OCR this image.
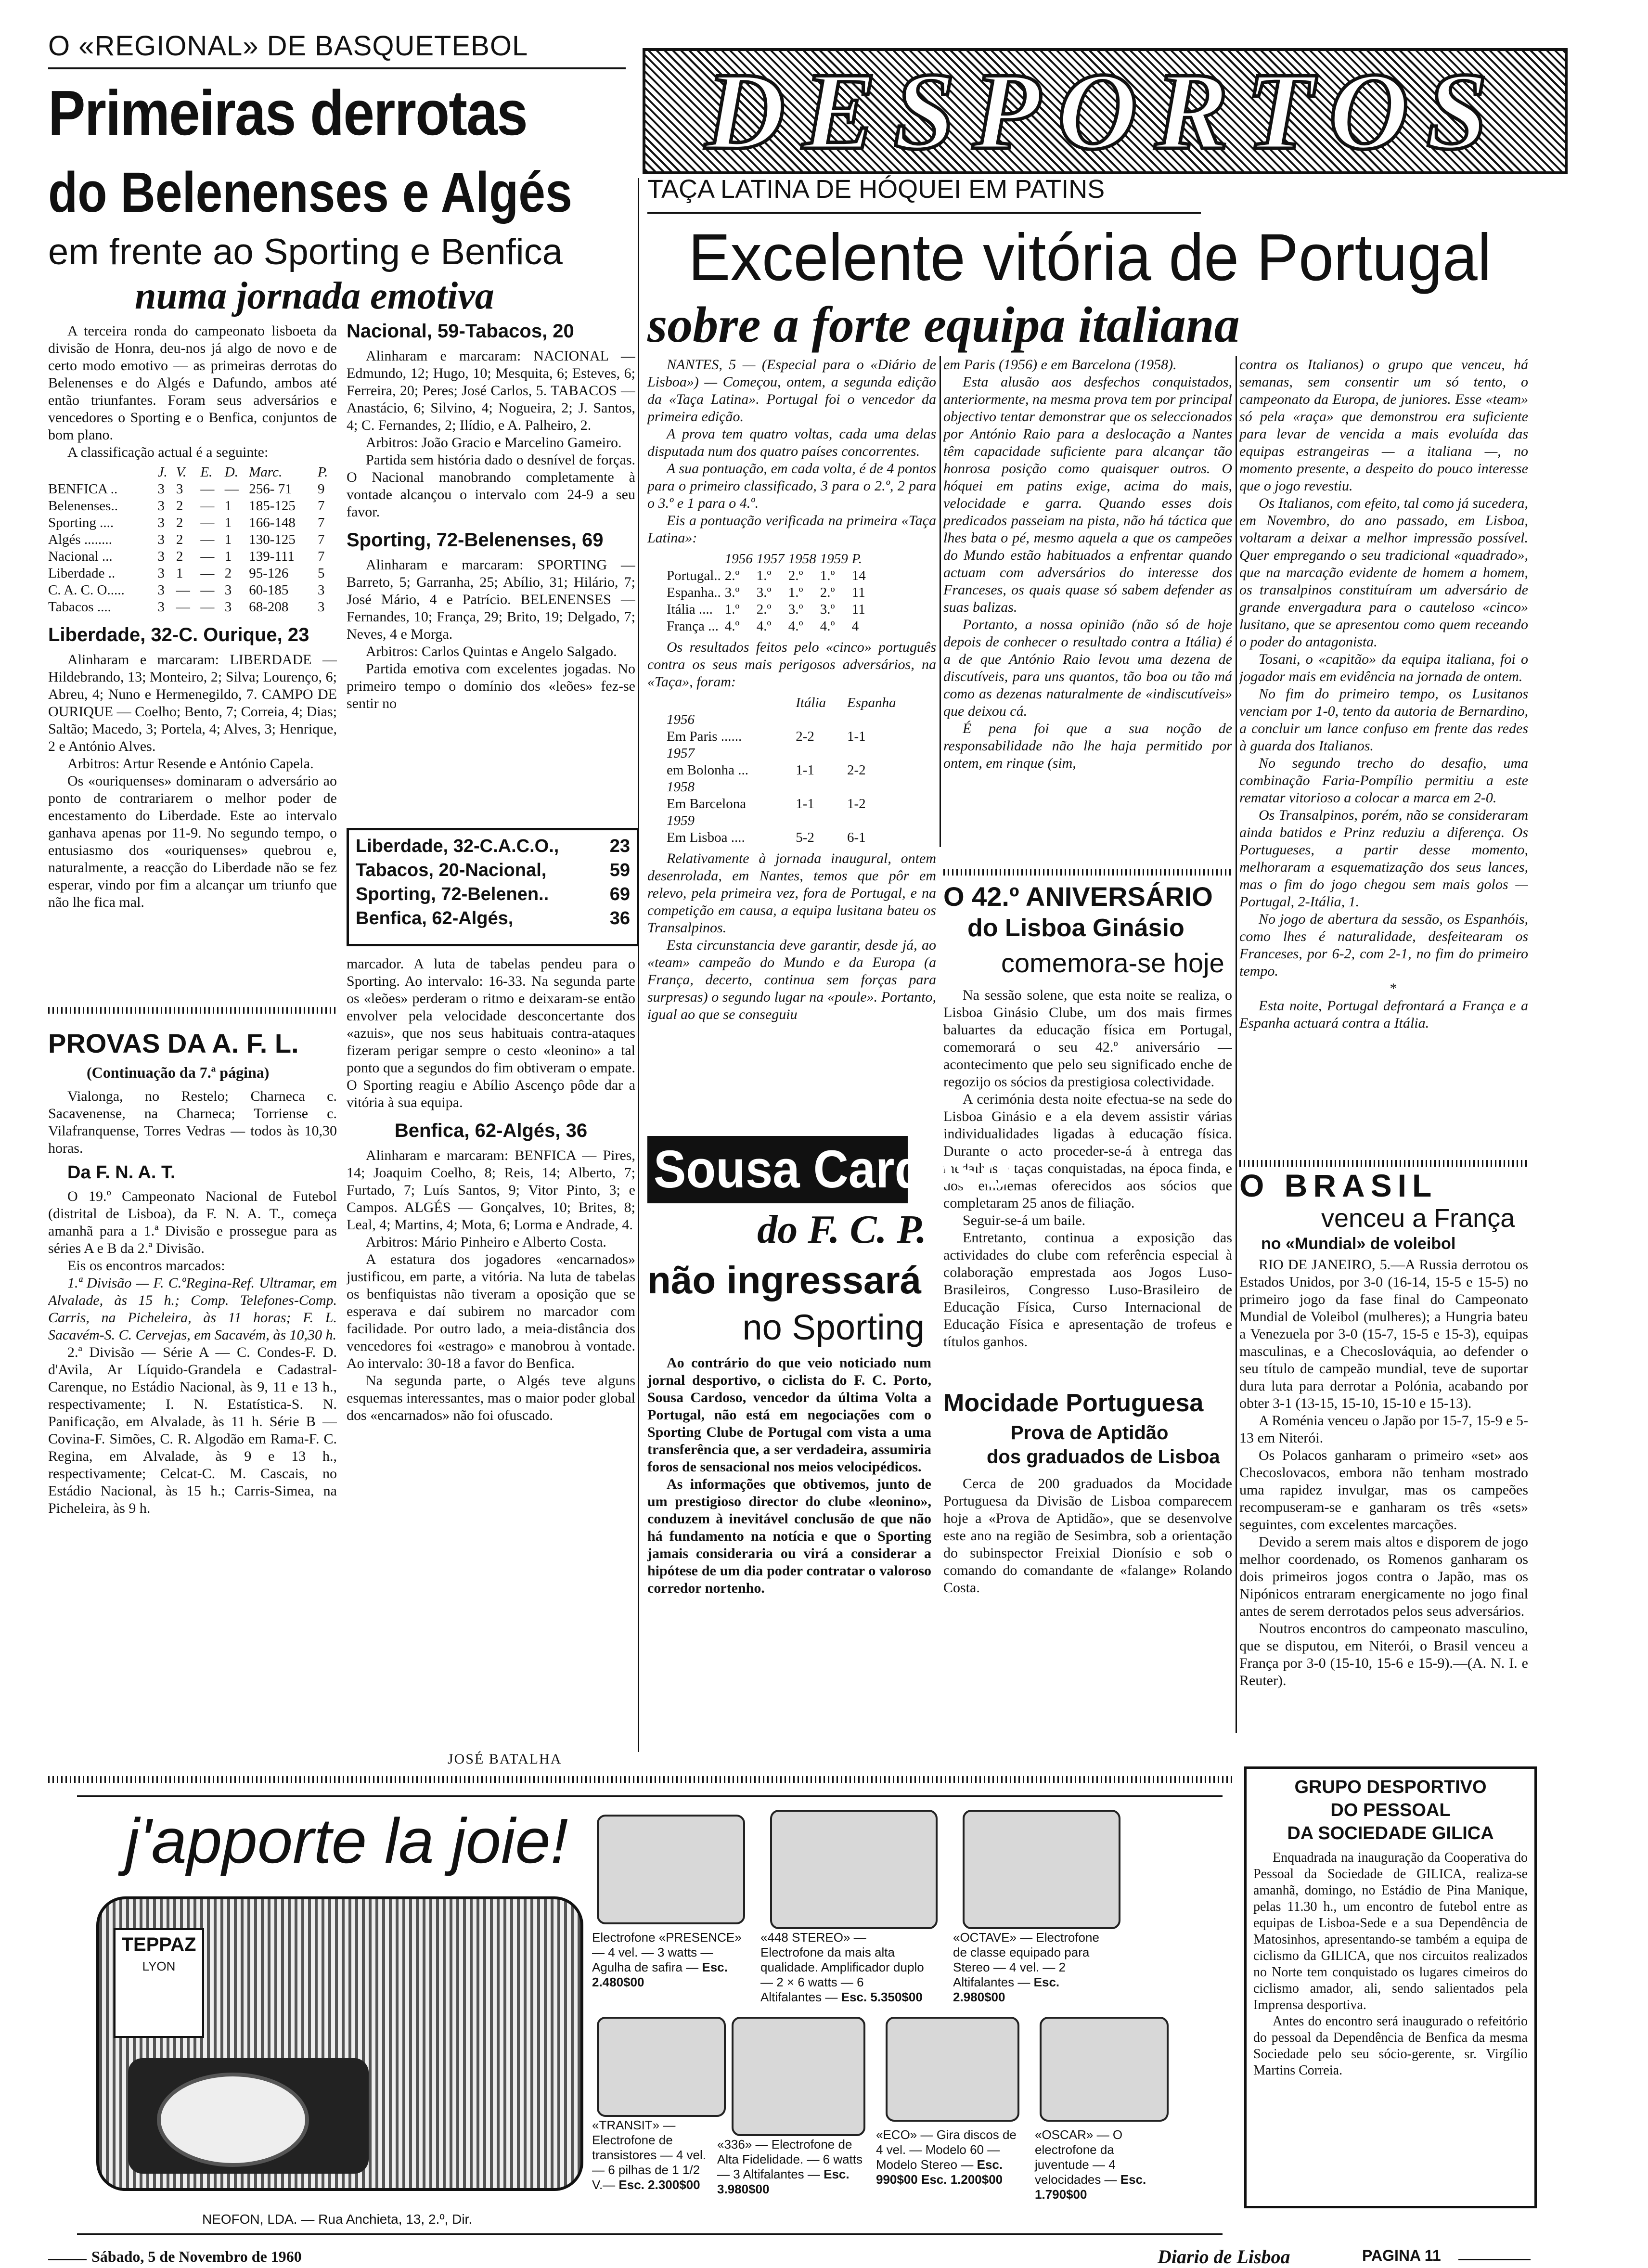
O «REGIONAL» DE BASQUETEBOL
Primeiras derrotas
do Belenenses e Algés
em frente ao Sporting e Benfica
numa jornada emotiva

A terceira ronda do campeonato lisboeta da divisão de Honra, deu-nos já algo de novo e de certo modo emotivo — as primeiras derrotas do Belenenses e do Algés e Dafundo, ambos até então triunfantes. Foram seus adversários e vencedores o Sporting e o Benfica, conjuntos de bom plano.

A classificação actual é a seguinte:

	J.	V.	E.	D.	Marc.	P.
BENFICA ..	3	3	—	—	256- 71	9
Belenenses..	3	2	—	1	185-125	7
Sporting ....	3	2	—	1	166-148	7
Algés ........	3	2	—	1	130-125	7
Nacional ...	3	2	—	1	139-111	7
Liberdade ..	3	1	—	2	95-126	5
C. A. C. O.....	3	—	—	3	60-185	3
Tabacos ....	3	—	—	3	68-208	3
Liberdade, 32-C. Ourique, 23

Alinharam e marcaram: LIBERDADE — Hildebrando, 13; Monteiro, 2; Silva; Lourenço, 6; Abreu, 4; Nuno e Hermenegildo, 7. CAMPO DE OURIQUE — Coelho; Bento, 7; Correia, 4; Dias; Saltão; Macedo, 3; Portela, 4; Alves, 3; Henrique, 2 e António Alves.

Arbitros: Artur Resende e António Capela.

Os «ouriquenses» dominaram o adversário ao ponto de contrariarem o melhor poder de encestamento do Liberdade. Este ao intervalo ganhava apenas por 11-9. No segundo tempo, o entusiasmo dos «ouriquenses» quebrou e, naturalmente, a reacção do Liberdade não se fez esperar, vindo por fim a alcançar um triunfo que não lhe fica mal.

PROVAS DA A. F. L.
(Continuação da 7.ª página)

Vialonga, no Restelo; Charneca c. Sacavenense, na Charneca; Torriense c. Vilafranquense, Torres Vedras — todos às 10,30 horas.

Da F. N. A. T.

O 19.º Campeonato Nacional de Futebol (distrital de Lisboa), da F. N. A. T., começa amanhã para a 1.ª Divisão e prossegue para as séries A e B da 2.ª Divisão.

Eis os encontros marcados:

1.ª Divisão — F. C.ºRegina-Ref. Ultramar, em Alvalade, às 15 h.; Comp. Telefones-Comp. Carris, na Picheleira, às 11 horas; F. L. Sacavém-S. C. Cervejas, em Sacavém, às 10,30 h.

2.ª Divisão — Série A — C. Condes-F. D. d'Avila, Ar Líquido-Grandela e Cadastral-Carenque, no Estádio Nacional, às 9, 11 e 13 h., respectivamente; I. N. Estatística-S. N. Panificação, em Alvalade, às 11 h. Série B — Covina-F. Simões, C. R. Algodão em Rama-F. C. Regina, em Alvalade, às 9 e 13 h., respectivamente; Celcat-C. M. Cascais, no Estádio Nacional, às 15 h.; Carris-Simea, na Picheleira, às 9 h.

Nacional, 59-Tabacos, 20

Alinharam e marcaram: NACIONAL — Edmundo, 12; Hugo, 10; Mesquita, 6; Esteves, 6; Ferreira, 20; Peres; José Carlos, 5. TABACOS — Anastácio, 6; Silvino, 4; Nogueira, 2; J. Santos, 4; C. Fernandes, 2; Ilídio, e A. Palheiro, 2.

Arbitros: João Gracio e Marcelino Gameiro.

Partida sem história dado o desnível de forças. O Nacional manobrando completamente à vontade alcançou o intervalo com 24-9 a seu favor.

Sporting, 72-Belenenses, 69

Alinharam e marcaram: SPORTING — Barreto, 5; Garranha, 25; Abílio, 31; Hilário, 7; José Mário, 4 e Patrício. BELENENSES — Fernandes, 10; França, 29; Brito, 19; Delgado, 7; Neves, 4 e Morga.

Arbitros: Carlos Quintas e Angelo Salgado.

Partida emotiva com excelentes jogadas. No primeiro tempo o domínio dos «leões» fez-se sentir no

Liberdade, 32-C.A.C.O.,	23
Tabacos, 20-Nacional,	59
Sporting, 72-Belenen..	69
Benfica, 62-Algés,	36

marcador. A luta de tabelas pendeu para o Sporting. Ao intervalo: 16-33. Na segunda parte os «leões» perderam o ritmo e deixaram-se então envolver pela velocidade desconcertante dos «azuis», que nos seus habituais contra-ataques fizeram perigar sempre o cesto «leonino» a tal ponto que a segundos do fim obtiveram o empate. O Sporting reagiu e Abílio Ascenço pôde dar a vitória à sua equipa.

Benfica, 62-Algés, 36

Alinharam e marcaram: BENFICA — Pires, 14; Joaquim Coelho, 8; Reis, 14; Alberto, 7; Furtado, 7; Luís Santos, 9; Vitor Pinto, 3; e Campos. ALGÉS — Gonçalves, 10; Brites, 8; Leal, 4; Martins, 4; Mota, 6; Lorma e Andrade, 4.

Arbitros: Mário Pinheiro e Alberto Costa.

A estatura dos jogadores «encarnados» justificou, em parte, a vitória. Na luta de tabelas os benfiquistas não tiveram a oposição que se esperava e daí subirem no marcador com facilidade. Por outro lado, a meia-distância dos vencedores foi «estrago» e manobrou à vontade. Ao intervalo: 30-18 a favor do Benfica.

Na segunda parte, o Algés teve alguns esquemas interessantes, mas o maior poder global dos «encarnados» não foi ofuscado.

JOSÉ BATALHA
DESPORTOS
TAÇA LATINA DE HÓQUEI EM PATINS
Excelente vitória de Portugal
sobre a forte equipa italiana

NANTES, 5 — (Especial para o «Diário de Lisboa») — Começou, ontem, a segunda edição da «Taça Latina». Portugal foi o vencedor da primeira edição.

A prova tem quatro voltas, cada uma delas disputada num dos quatro países concorrentes.

A sua pontuação, em cada volta, é de 4 pontos para o primeiro classificado, 3 para o 2.º, 2 para o 3.º e 1 para o 4.º.

Eis a pontuação verificada na primeira «Taça Latina»:

	1956	1957	1958	1959	P.
Portugal..	2.º	1.º	2.º	1.º	14
Espanha..	3.º	3.º	1.º	2.º	11
Itália ....	1.º	2.º	3.º	3.º	11
França ...	4.º	4.º	4.º	4.º	4

Os resultados feitos pelo «cinco» português contra os seus mais perigosos adversários, na «Taça», foram:

	Itália	Espanha
1956		
Em Paris ......	2-2	1-1
1957		
em Bolonha ...	1-1	2-2
1958		
Em Barcelona	1-1	1-2
1959		
Em Lisboa ....	5-2	6-1

Relativamente à jornada inaugural, ontem desenrolada, em Nantes, temos que pôr em relevo, pela primeira vez, fora de Portugal, e na competição em causa, a equipa lusitana bateu os Transalpinos.

Esta circunstancia deve garantir, desde já, ao «team» campeão do Mundo e da Europa (a França, decerto, continua sem forças para surpresas) o segundo lugar na «poule». Portanto, igual ao que se conseguiu

em Paris (1956) e em Barcelona (1958).

Esta alusão aos desfechos conquistados, anteriormente, na mesma prova tem por principal objectivo tentar demonstrar que os seleccionados por António Raio para a deslocação a Nantes têm capacidade suficiente para alcançar tão honrosa posição como quaisquer outros. O hóquei em patins exige, acima do mais, velocidade e garra. Quando esses dois predicados passeiam na pista, não há táctica que lhes bata o pé, mesmo aquela a que os campeões do Mundo estão habituados a enfrentar quando actuam com adversários do interesse dos Franceses, os quais quase só sabem defender as suas balizas.

Portanto, a nossa opinião (não só de hoje depois de conhecer o resultado contra a Itália) é a de que António Raio levou uma dezena de discutíveis, para uns quantos, tão boa ou tão má como as dezenas naturalmente de «indiscutíveis» que deixou cá.

É pena foi que a sua noção de responsabilidade não lhe haja permitido por ontem, em rinque (sim,

contra os Italianos) o grupo que venceu, há semanas, sem consentir um só tento, o campeonato da Europa, de juniores. Esse «team» só pela «raça» que demonstrou era suficiente para levar de vencida a mais evoluída das equipas estrangeiras — a italiana —, no momento presente, a despeito do pouco interesse que o jogo revestiu.

Os Italianos, com efeito, tal como já sucedera, em Novembro, do ano passado, em Lisboa, voltaram a deixar a melhor impressão possível. Quer empregando o seu tradicional «quadrado», que na marcação evidente de homem a homem, os transalpinos constituíram um adversário de grande envergadura para o cauteloso «cinco» lusitano, que se apresentou como quem receando o poder do antagonista.

Tosani, o «capitão» da equipa italiana, foi o jogador mais em evidência na jornada de ontem.

No fim do primeiro tempo, os Lusitanos venciam por 1-0, tento da autoria de Bernardino, a concluir um lance confuso em frente das redes à guarda dos Italianos.

No segundo trecho do desafio, uma combinação Faria-Pompílio permitiu a este rematar vitorioso a colocar a marca em 2-0.

Os Transalpinos, porém, não se consideraram ainda batidos e Prinz reduziu a diferença. Os Portugueses, a partir desse momento, melhoraram a esquematização dos seus lances, mas o fim do jogo chegou sem mais golos — Portugal, 2-Itália, 1.

No jogo de abertura da sessão, os Espanhóis, como lhes é naturalidade, desfeitearam os Franceses, por 6-2, com 2-1, no fim do primeiro tempo.

*

Esta noite, Portugal defrontará a França e a Espanha actuará contra a Itália.

O 42.º ANIVERSÁRIO
do Lisboa Ginásio
comemora-se hoje

Na sessão solene, que esta noite se realiza, o Lisboa Ginásio Clube, um dos mais firmes baluartes da educação física em Portugal, comemorará o seu 42.º aniversário — acontecimento que pelo seu significado enche de regozijo os sócios da prestigiosa colectividade.

A cerimónia desta noite efectua-se na sede do Lisboa Ginásio e a ela devem assistir várias individualidades ligadas à educação física. Durante o acto proceder-se-á à entrega das medalhas e taças conquistadas, na época finda, e dos emblemas oferecidos aos sócios que completaram 25 anos de filiação.

Seguir-se-á um baile.

Entretanto, continua a exposição das actividades do clube com referência especial à colaboração emprestada aos Jogos Luso-Brasileiros, Congresso Luso-Brasileiro de Educação Física, Curso Internacional de Educação Física e apresentação de trofeus e títulos ganhos.

Mocidade Portuguesa
Prova de Aptidão
dos graduados de Lisboa

Cerca de 200 graduados da Mocidade Portuguesa da Divisão de Lisboa comparecem hoje a «Prova de Aptidão», que se desenvolve este ano na região de Sesimbra, sob a orientação do subinspector Freixial Dionísio e sob o comando do comandante de «falange» Rolando Costa.

Sousa Cardoso
do F. C. P.
não ingressará
no Sporting

Ao contrário do que veio noticiado num jornal desportivo, o ciclista do F. C. Porto, Sousa Cardoso, vencedor da última Volta a Portugal, não está em negociações com o Sporting Clube de Portugal com vista a uma transferência que, a ser verdadeira, assumiria foros de sensacional nos meios velocipédicos.

As informações que obtivemos, junto de um prestigioso director do clube «leonino», conduzem à inevitável conclusão de que não há fundamento na notícia e que o Sporting jamais consideraria ou virá a considerar a hipótese de um dia poder contratar o valoroso corredor nortenho.

O BRASIL
venceu a França
no «Mundial» de voleibol

RIO DE JANEIRO, 5.—A Russia derrotou os Estados Unidos, por 3-0 (16-14, 15-5 e 15-5) no primeiro jogo da fase final do Campeonato Mundial de Voleibol (mulheres); a Hungria bateu a Venezuela por 3-0 (15-7, 15-5 e 15-3), equipas masculinas, e a Checoslováquia, ao defender o seu título de campeão mundial, teve de suportar dura luta para derrotar a Polónia, acabando por obter 3-1 (13-15, 15-10, 15-10 e 15-13).

A Roménia venceu o Japão por 15-7, 15-9 e 5-13 em Niterói.

Os Polacos ganharam o primeiro «set» aos Checoslovacos, embora não tenham mostrado uma rapidez invulgar, mas os campeões recompuseram-se e ganharam os três «sets» seguintes, com excelentes marcações.

Devido a serem mais altos e disporem de jogo melhor coordenado, os Romenos ganharam os dois primeiros jogos contra o Japão, mas os Nipónicos entraram energicamente no jogo final antes de serem derrotados pelos seus adversários.

Noutros encontros do campeonato masculino, que se disputou, em Niterói, o Brasil venceu a França por 3-0 (15-10, 15-6 e 15-9).—(A. N. I. e Reuter).

GRUPO DESPORTIVO
DO PESSOAL
DA SOCIEDADE GILICA

Enquadrada na inauguração da Cooperativa do Pessoal da Sociedade de GILICA, realiza-se amanhã, domingo, no Estádio de Pina Manique, pelas 11.30 h., um encontro de futebol entre as equipas de Lisboa-Sede e a sua Dependência de Matosinhos, apresentando-se também a equipa de ciclismo da GILICA, que nos circuitos realizados no Norte tem conquistado os lugares cimeiros do ciclismo amador, ali, sendo salientados pela Imprensa desportiva.

Antes do encontro será inaugurado o refeitório do pessoal da Dependência de Benfica da mesma Sociedade pelo seu sócio-gerente, sr. Virgílio Martins Correia.

j'apporte la joie!
TEPPAZ
LYON
NEOFON, LDA. — Rua Anchieta, 13, 2.º, Dir.
Electrofone «PRESENCE» — 4 vel. — 3 watts — Agulha de safira — Esc. 2.480$00
«448 STEREO» — Electrofone da mais alta qualidade. Amplificador duplo — 2 × 6 watts — 6 Altifalantes — Esc. 5.350$00
«OCTAVE» — Electrofone de classe equipado para Stereo — 4 vel. — 2 Altifalantes — Esc. 2.980$00
«TRANSIT» — Electrofone de transistores — 4 vel. — 6 pilhas de 1 1/2 V.— Esc. 2.300$00
«336» — Electrofone de Alta Fidelidade. — 6 watts — 3 Altifalantes — Esc. 3.980$00
«ECO» — Gira discos de 4 vel. — Modelo 60 — Modelo Stereo — Esc. 990$00 Esc. 1.200$00
«OSCAR» — O electrofone da juventude — 4 velocidades — Esc. 1.790$00
Sábado, 5 de Novembro de 1960	Diario de Lisboa	PAGINA 11
